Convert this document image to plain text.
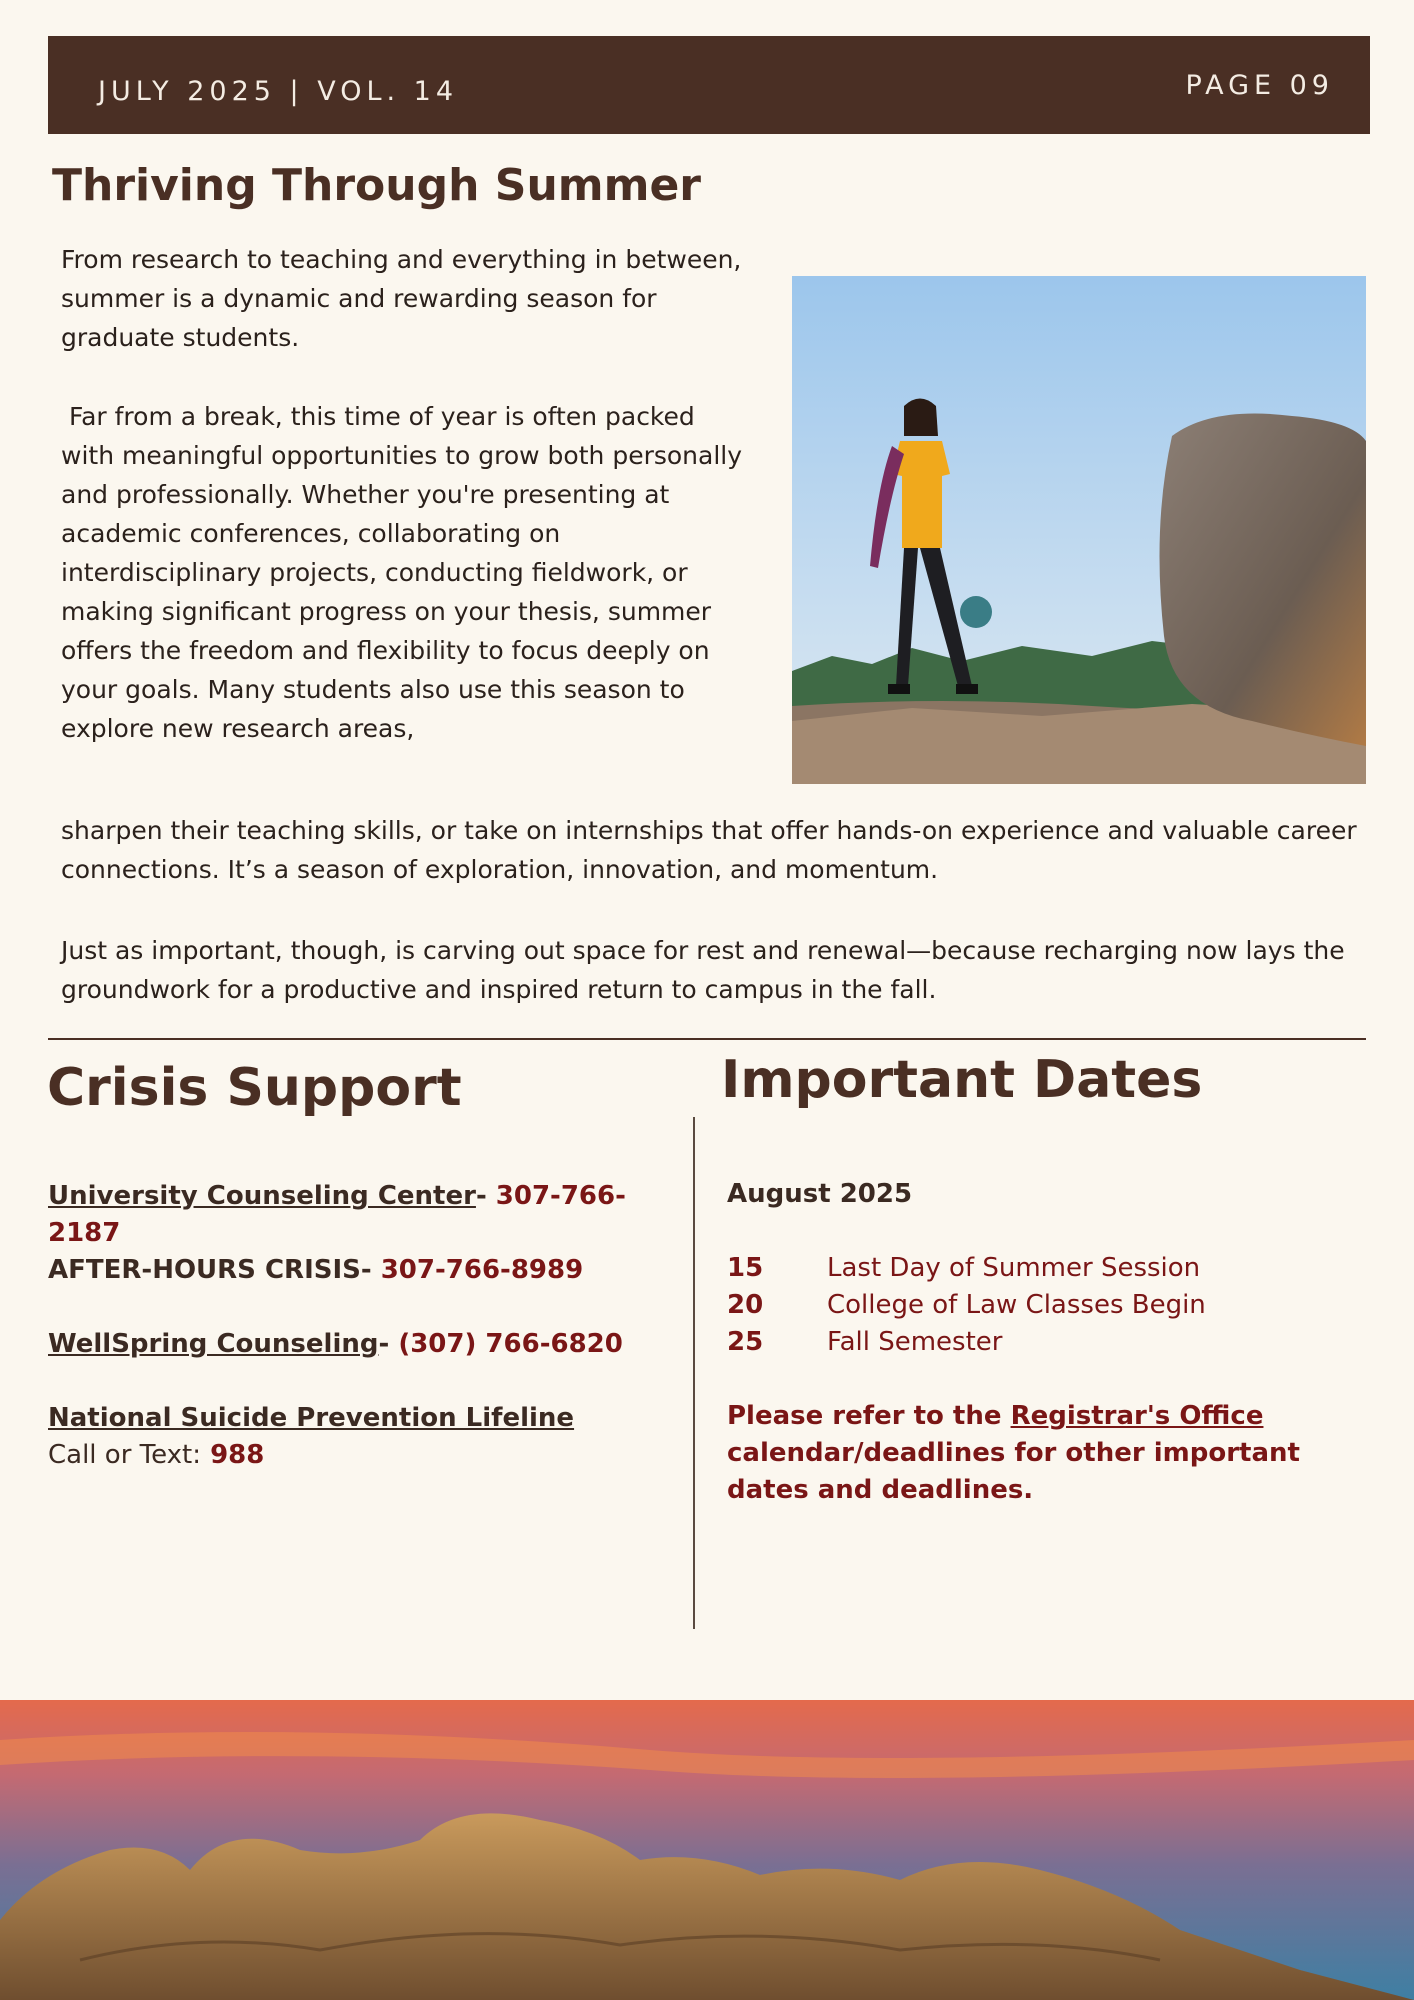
JULY 2025 | VOL. 14	PAGE 09
Thriving Through Summer

From research to teaching and everything in between, summer is a dynamic and rewarding season for graduate students.

Far from a break, this time of year is often packed with meaningful opportunities to grow both personally and professionally. Whether you're presenting at academic conferences, collaborating on interdisciplinary projects, conducting fieldwork, or making significant progress on your thesis, summer offers the freedom and flexibility to focus deeply on your goals. Many students also use this season to explore new research areas,

sharpen their teaching skills, or take on internships that offer hands-on experience and valuable career connections. It’s a season of exploration, innovation, and momentum.

Just as important, though, is carving out space for rest and renewal—because recharging now lays the groundwork for a productive and inspired return to campus in the fall.

Crisis Support

University Counseling Center- 307-766-2187

AFTER-HOURS CRISIS- 307-766-8989

WellSpring Counseling- (307) 766-6820

National Suicide Prevention Lifeline

Call or Text: 988

Important Dates

August 2025

15	Last Day of Summer Session
20	College of Law Classes Begin
25	Fall Semester

Please refer to the Registrar's Office calendar/deadlines for other important dates and deadlines.
